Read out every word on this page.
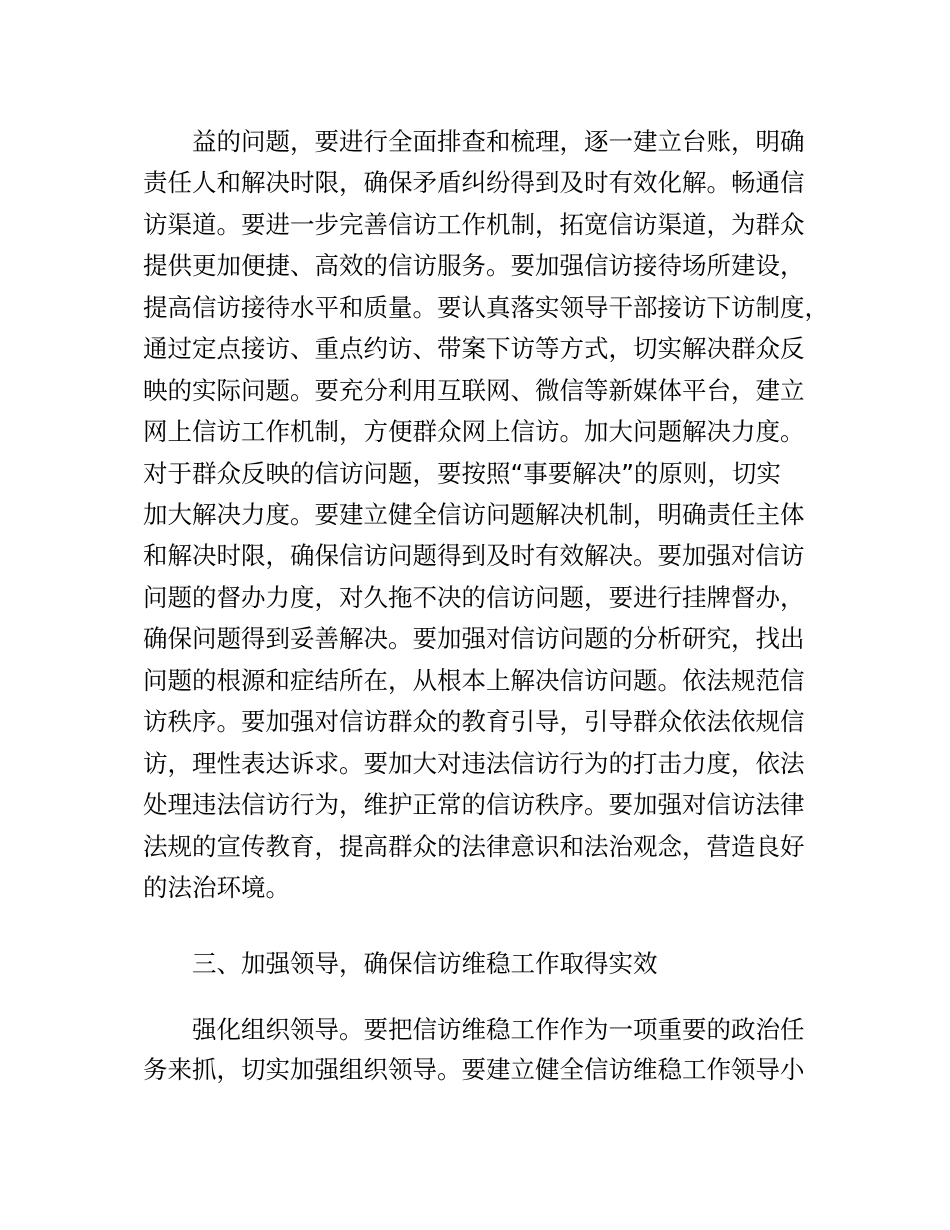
益的问题，要进行全面排查和梳理，逐一建立台账，明确
责任人和解决时限，确保矛盾纠纷得到及时有效化解。畅通信
访渠道。要进一步完善信访工作机制，拓宽信访渠道，为群众
提供更加便捷、高效的信访服务。要加强信访接待场所建设，
提高信访接待水平和质量。要认真落实领导干部接访下访制度，
通过定点接访、重点约访、带案下访等方式，切实解决群众反
映的实际问题。要充分利用互联网、微信等新媒体平台，建立
网上信访工作机制，方便群众网上信访。加大问题解决力度。
对于群众反映的信访问题，要按照“事要解决”的原则，切实
加大解决力度。要建立健全信访问题解决机制，明确责任主体
和解决时限，确保信访问题得到及时有效解决。要加强对信访
问题的督办力度，对久拖不决的信访问题，要进行挂牌督办，
确保问题得到妥善解决。要加强对信访问题的分析研究，找出
问题的根源和症结所在，从根本上解决信访问题。依法规范信
访秩序。要加强对信访群众的教育引导，引导群众依法依规信
访，理性表达诉求。要加大对违法信访行为的打击力度，依法
处理违法信访行为，维护正常的信访秩序。要加强对信访法律
法规的宣传教育，提高群众的法律意识和法治观念，营造良好
的法治环境。
三、加强领导，确保信访维稳工作取得实效
强化组织领导。要把信访维稳工作作为一项重要的政治任
务来抓，切实加强组织领导。要建立健全信访维稳工作领导小
